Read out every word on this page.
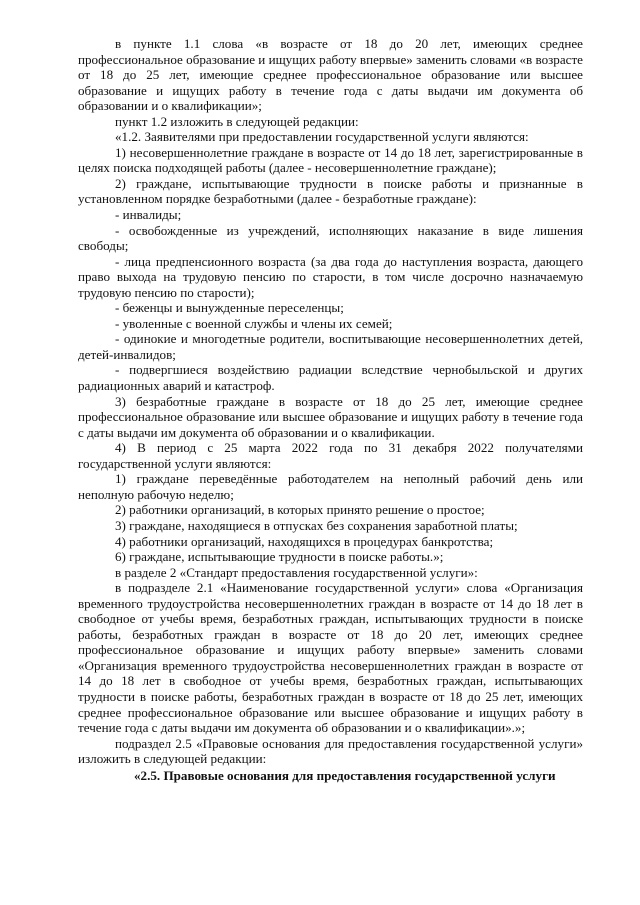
в пункте 1.1 слова «в возрасте от 18 до 20 лет, имеющих среднее профессиональное образование и ищущих работу впервые» заменить словами «в возрасте от 18 до 25 лет, имеющие среднее профессиональное образование или высшее образование и ищущих работу в течение года с даты выдачи им документа об образовании и о квалификации»;

пункт 1.2 изложить в следующей редакции:

«1.2. Заявителями при предоставлении государственной услуги являются:

1) несовершеннолетние граждане в возрасте от 14 до 18 лет, зарегистрированные в целях поиска подходящей работы (далее - несовершеннолетние граждане);

2) граждане, испытывающие трудности в поиске работы и признанные в установленном порядке безработными (далее - безработные граждане):

- инвалиды;

- освобожденные из учреждений, исполняющих наказание в виде лишения свободы;

- лица предпенсионного возраста (за два года до наступления возраста, дающего право выхода на трудовую пенсию по старости, в том числе досрочно назначаемую трудовую пенсию по старости);

- беженцы и вынужденные переселенцы;

- уволенные с военной службы и члены их семей;

- одинокие и многодетные родители, воспитывающие несовершеннолетних детей, детей-инвалидов;

- подвергшиеся воздействию радиации вследствие чернобыльской и других радиационных аварий и катастроф.

3) безработные граждане в возрасте от 18 до 25 лет, имеющие среднее профессиональное образование или высшее образование и ищущих работу в течение года с даты выдачи им документа об образовании и о квалификации.

4) В период с 25 марта 2022 года по 31 декабря 2022 получателями государственной услуги являются:

1) граждане переведённые работодателем на неполный рабочий день или неполную рабочую неделю;

2) работники организаций, в которых принято решение о простое;

3) граждане, находящиеся в отпусках без сохранения заработной платы;

4) работники организаций, находящихся в процедурах банкротства;

6) граждане, испытывающие трудности в поиске работы.»;

в разделе 2 «Стандарт предоставления государственной услуги»:

в подразделе 2.1 «Наименование государственной услуги» слова «Организация временного трудоустройства несовершеннолетних граждан в возрасте от 14 до 18 лет в свободное от учебы время, безработных граждан, испытывающих трудности в поиске работы, безработных граждан в возрасте от 18 до 20 лет, имеющих среднее профессиональное образование и ищущих работу впервые» заменить словами «Организация временного трудоустройства несовершеннолетних граждан в возрасте от 14 до 18 лет в свободное от учебы время, безработных граждан, испытывающих трудности в поиске работы, безработных граждан в возрасте от 18 до 25 лет, имеющих среднее профессиональное образование или высшее образование и ищущих работу в течение года с даты выдачи им документа об образовании и о квалификации».»;

подраздел 2.5 «Правовые основания для предоставления государственной услуги» изложить в следующей редакции:

«2.5. Правовые основания для предоставления государственной услуги
